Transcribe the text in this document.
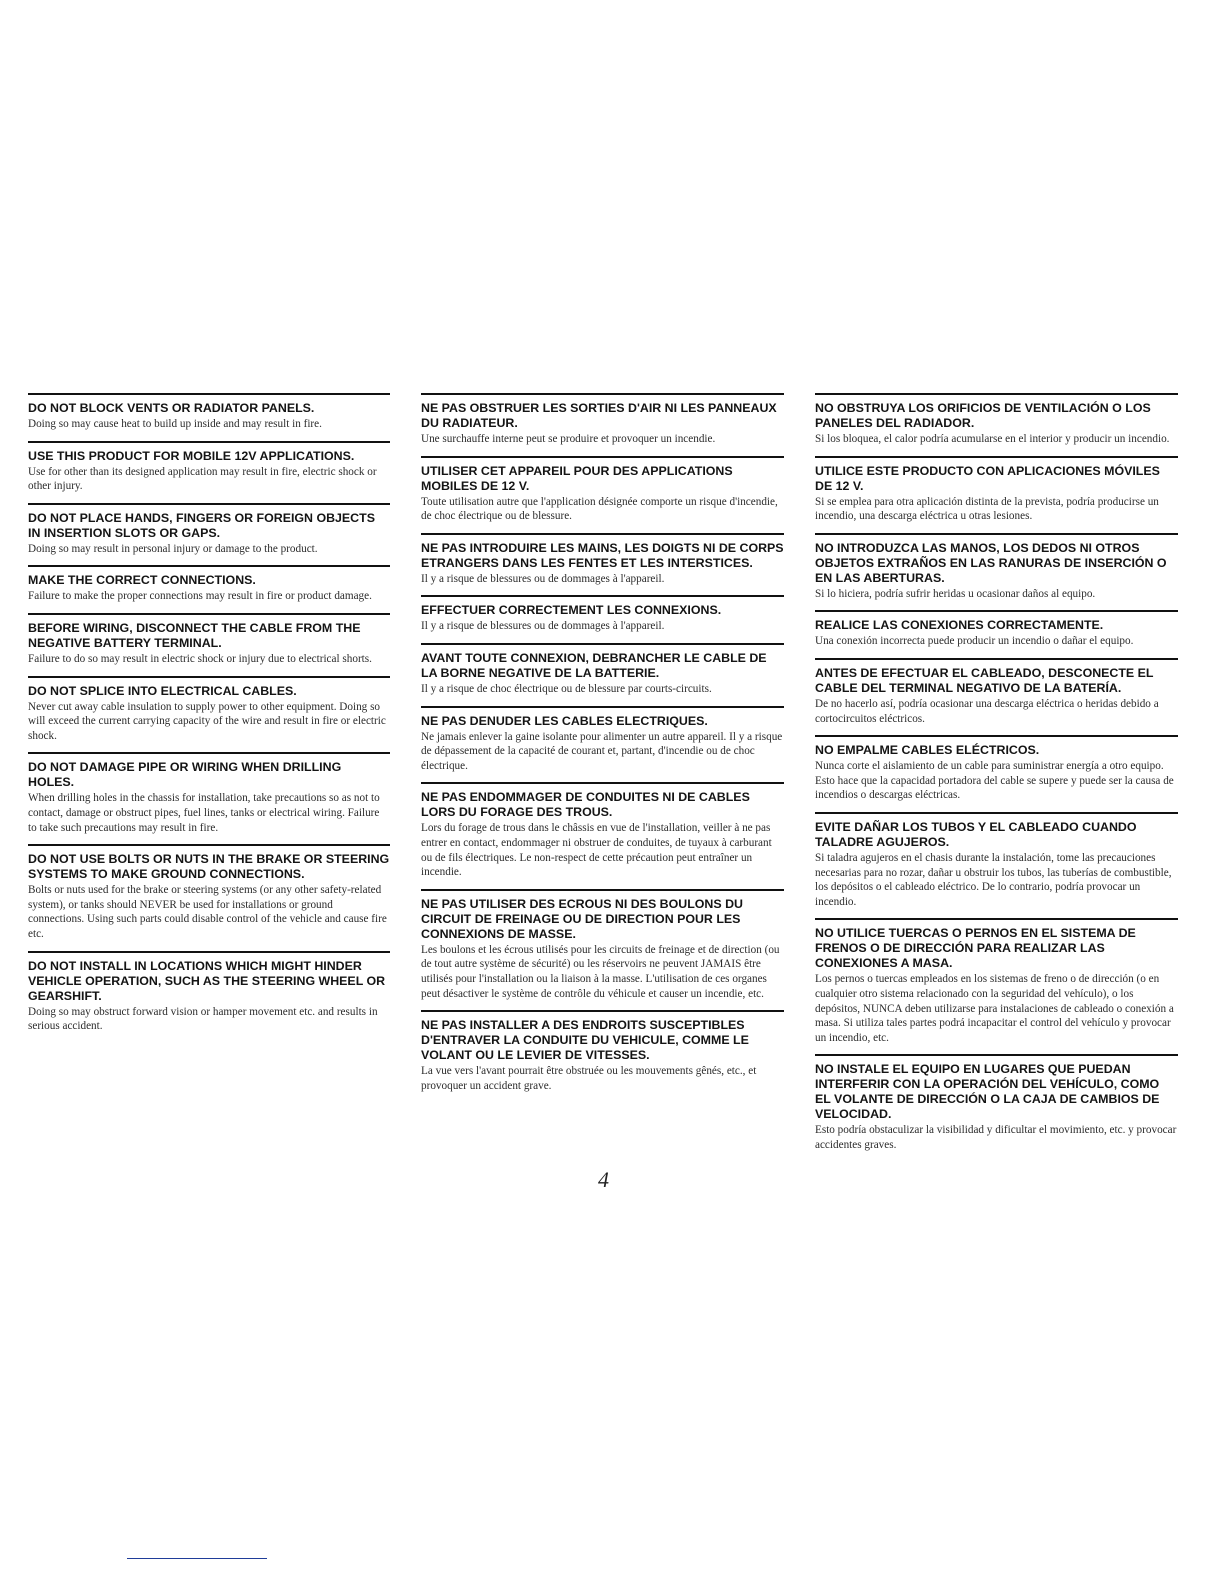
DO NOT BLOCK VENTS OR RADIATOR PANELS.

Doing so may cause heat to build up inside and may result in fire.

USE THIS PRODUCT FOR MOBILE 12V APPLICATIONS.

Use for other than its designed application may result in fire, electric shock or other injury.

DO NOT PLACE HANDS, FINGERS OR FOREIGN OBJECTS IN INSERTION SLOTS OR GAPS.

Doing so may result in personal injury or damage to the product.

MAKE THE CORRECT CONNECTIONS.

Failure to make the proper connections may result in fire or product damage.

BEFORE WIRING, DISCONNECT THE CABLE FROM THE NEGATIVE BATTERY TERMINAL.

Failure to do so may result in electric shock or injury due to electrical shorts.

DO NOT SPLICE INTO ELECTRICAL CABLES.

Never cut away cable insulation to supply power to other equipment. Doing so will exceed the current carrying capacity of the wire and result in fire or electric shock.

DO NOT DAMAGE PIPE OR WIRING WHEN DRILLING HOLES.

When drilling holes in the chassis for installation, take precautions so as not to contact, damage or obstruct pipes, fuel lines, tanks or electrical wiring. Failure to take such precautions may result in fire.

DO NOT USE BOLTS OR NUTS IN THE BRAKE OR STEERING SYSTEMS TO MAKE GROUND CONNECTIONS.

Bolts or nuts used for the brake or steering systems (or any other safety-related system), or tanks should NEVER be used for installations or ground connections. Using such parts could disable control of the vehicle and cause fire etc.

DO NOT INSTALL IN LOCATIONS WHICH MIGHT HINDER VEHICLE OPERATION, SUCH AS THE STEERING WHEEL OR GEARSHIFT.

Doing so may obstruct forward vision or hamper movement etc. and results in serious accident.

NE PAS OBSTRUER LES SORTIES D'AIR NI LES PANNEAUX DU RADIATEUR.

Une surchauffe interne peut se produire et provoquer un incendie.

UTILISER CET APPAREIL POUR DES APPLICATIONS MOBILES DE 12 V.

Toute utilisation autre que l'application désignée comporte un risque d'incendie, de choc électrique ou de blessure.

NE PAS INTRODUIRE LES MAINS, LES DOIGTS NI DE CORPS ETRANGERS DANS LES FENTES ET LES INTERSTICES.

Il y a risque de blessures ou de dommages à l'appareil.

EFFECTUER CORRECTEMENT LES CONNEXIONS.

Il y a risque de blessures ou de dommages à l'appareil.

AVANT TOUTE CONNEXION, DEBRANCHER LE CABLE DE LA BORNE NEGATIVE DE LA BATTERIE.

Il y a risque de choc électrique ou de blessure par courts-circuits.

NE PAS DENUDER LES CABLES ELECTRIQUES.

Ne jamais enlever la gaine isolante pour alimenter un autre appareil. Il y a risque de dépassement de la capacité de courant et, partant, d'incendie ou de choc électrique.

NE PAS ENDOMMAGER DE CONDUITES NI DE CABLES LORS DU FORAGE DES TROUS.

Lors du forage de trous dans le châssis en vue de l'installation, veiller à ne pas entrer en contact, endommager ni obstruer de conduites, de tuyaux à carburant ou de fils électriques. Le non-respect de cette précaution peut entraîner un incendie.

NE PAS UTILISER DES ECROUS NI DES BOULONS DU CIRCUIT DE FREINAGE OU DE DIRECTION POUR LES CONNEXIONS DE MASSE.

Les boulons et les écrous utilisés pour les circuits de freinage et de direction (ou de tout autre système de sécurité) ou les réservoirs ne peuvent JAMAIS être utilisés pour l'installation ou la liaison à la masse. L'utilisation de ces organes peut désactiver le système de contrôle du véhicule et causer un incendie, etc.

NE PAS INSTALLER A DES ENDROITS SUSCEPTIBLES D'ENTRAVER LA CONDUITE DU VEHICULE, COMME LE VOLANT OU LE LEVIER DE VITESSES.

La vue vers l'avant pourrait être obstruée ou les mouvements gênés, etc., et provoquer un accident grave.

NO OBSTRUYA LOS ORIFICIOS DE VENTILACIÓN O LOS PANELES DEL RADIADOR.

Si los bloquea, el calor podría acumularse en el interior y producir un incendio.

UTILICE ESTE PRODUCTO CON APLICACIONES MÓVILES DE 12 V.

Si se emplea para otra aplicación distinta de la prevista, podría producirse un incendio, una descarga eléctrica u otras lesiones.

NO INTRODUZCA LAS MANOS, LOS DEDOS NI OTROS OBJETOS EXTRAÑOS EN LAS RANURAS DE INSERCIÓN O EN LAS ABERTURAS.

Si lo hiciera, podría sufrir heridas u ocasionar daños al equipo.

REALICE LAS CONEXIONES CORRECTAMENTE.

Una conexión incorrecta puede producir un incendio o dañar el equipo.

ANTES DE EFECTUAR EL CABLEADO, DESCONECTE EL CABLE DEL TERMINAL NEGATIVO DE LA BATERÍA.

De no hacerlo así, podría ocasionar una descarga eléctrica o heridas debido a cortocircuitos eléctricos.

NO EMPALME CABLES ELÉCTRICOS.

Nunca corte el aislamiento de un cable para suministrar energía a otro equipo. Esto hace que la capacidad portadora del cable se supere y puede ser la causa de incendios o descargas eléctricas.

EVITE DAÑAR LOS TUBOS Y EL CABLEADO CUANDO TALADRE AGUJEROS.

Si taladra agujeros en el chasis durante la instalación, tome las precauciones necesarias para no rozar, dañar u obstruir los tubos, las tuberías de combustible, los depósitos o el cableado eléctrico. De lo contrario, podría provocar un incendio.

NO UTILICE TUERCAS O PERNOS EN EL SISTEMA DE FRENOS O DE DIRECCIÓN PARA REALIZAR LAS CONEXIONES A MASA.

Los pernos o tuercas empleados en los sistemas de freno o de dirección (o en cualquier otro sistema relacionado con la seguridad del vehículo), o los depósitos, NUNCA deben utilizarse para instalaciones de cableado o conexión a masa. Si utiliza tales partes podrá incapacitar el control del vehículo y provocar un incendio, etc.

NO INSTALE EL EQUIPO EN LUGARES QUE PUEDAN INTERFERIR CON LA OPERACIÓN DEL VEHÍCULO, COMO EL VOLANTE DE DIRECCIÓN O LA CAJA DE CAMBIOS DE VELOCIDAD.

Esto podría obstaculizar la visibilidad y dificultar el movimiento, etc. y provocar accidentes graves.

4
